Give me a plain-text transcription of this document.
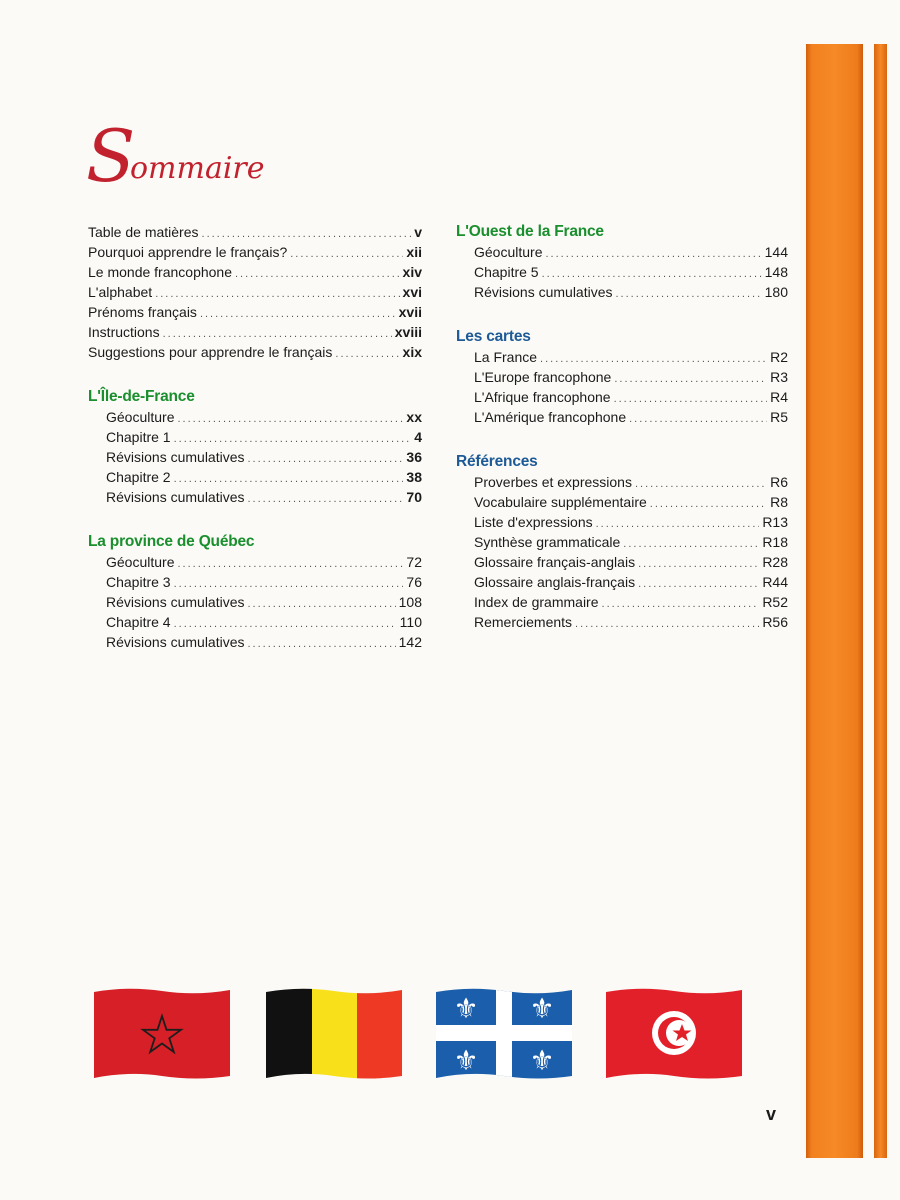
S
ommaire
Table de matières .....	v
Pourquoi apprendre le français? .....	xii
Le monde francophone .....	xiv
L'alphabet .....	xvi
Prénoms français .....	xvii
Instructions .....	xviii
Suggestions pour apprendre le français .....	xix
L'Île-de-France
Géoculture .....	xx
Chapitre 1 .....	4
Révisions cumulatives .....	36
Chapitre 2 .....	38
Révisions cumulatives .....	70
La province de Québec
Géoculture .....	72
Chapitre 3 .....	76
Révisions cumulatives .....	108
Chapitre 4 .....	110
Révisions cumulatives .....	142
L'Ouest de la France
Géoculture .....	144
Chapitre 5 .....	148
Révisions cumulatives .....	180
Les cartes
La France .....	R2
L'Europe francophone .....	R3
L'Afrique francophone .....	R4
L'Amérique francophone .....	R5
Références
Proverbes et expressions .....	R6
Vocabulaire supplémentaire .....	R8
Liste d'expressions .....	R13
Synthèse grammaticale .....	R18
Glossaire français-anglais .....	R28
Glossaire anglais-français .....	R44
Index de grammaire .....	R52
Remerciements .....	R56
⚜ ⚜
⚜ ⚜
v
